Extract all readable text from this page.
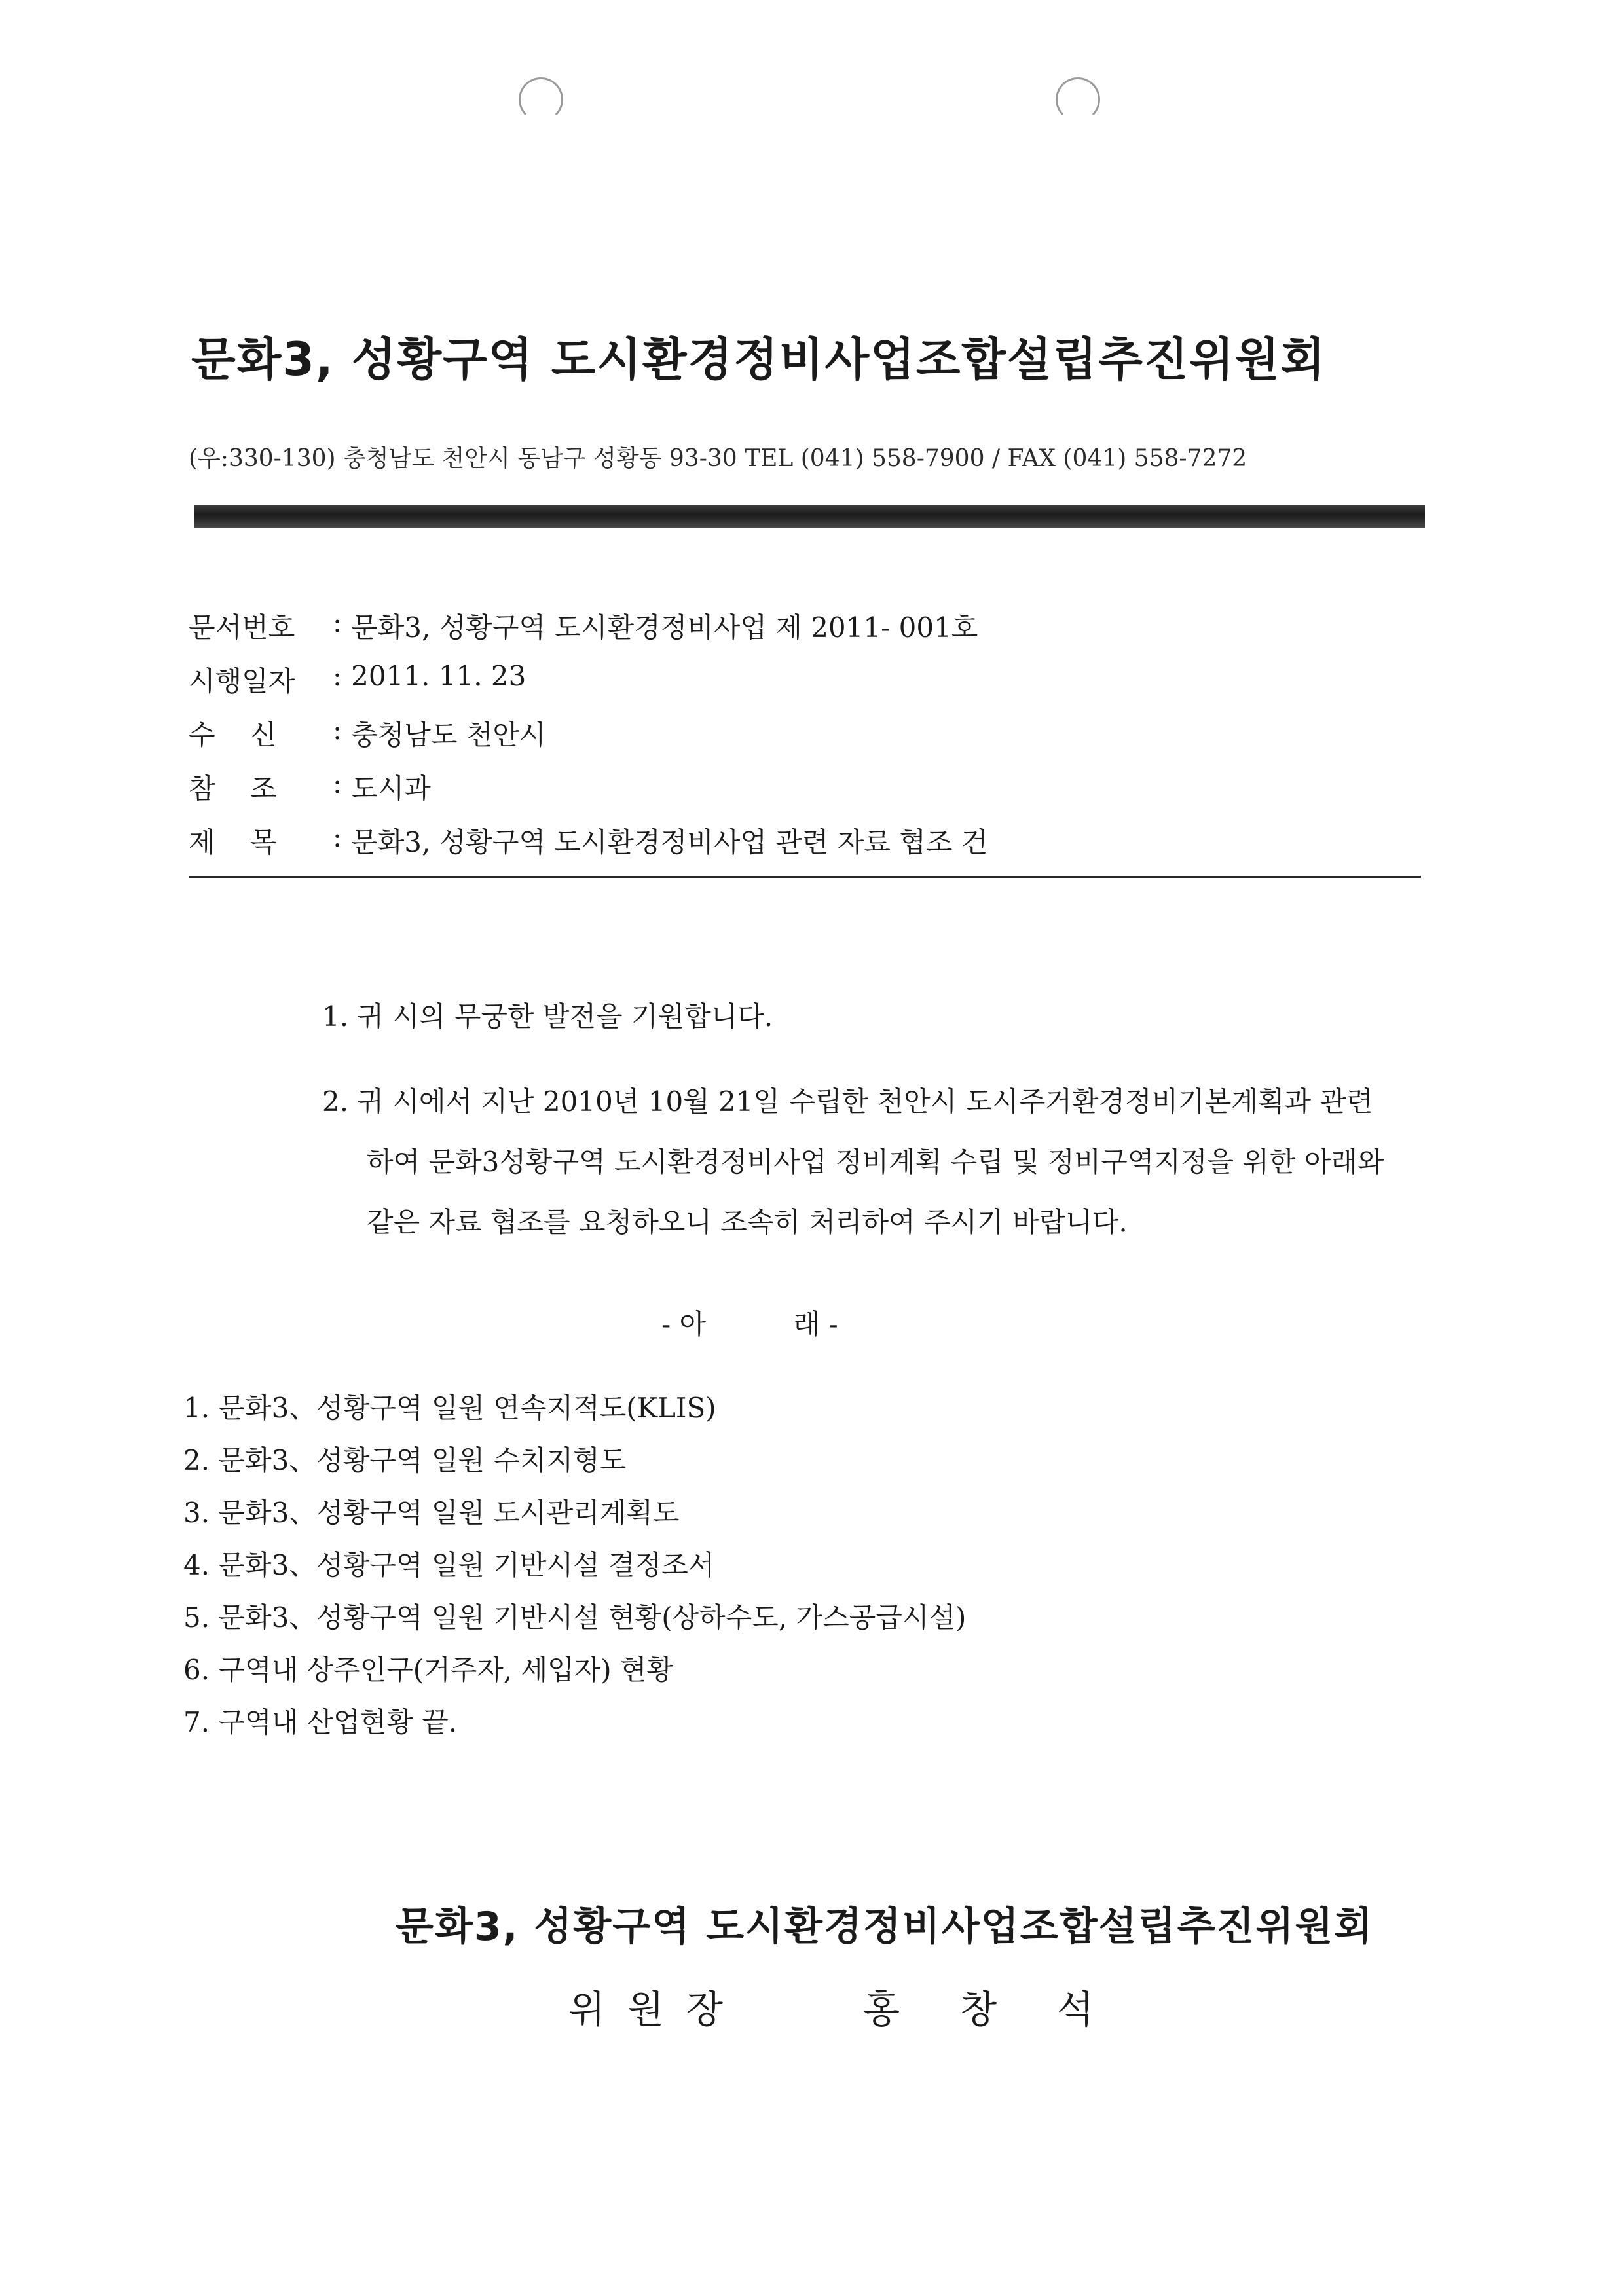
문화3, 성황구역 도시환경정비사업조합설립추진위원회
(우:330-130) 충청남도 천안시 동남구 성황동 93-30 TEL (041) 558-7900 / FAX (041) 558-7272
문서번호	: 문화3, 성황구역 도시환경정비사업 제 2011- 001호
시행일자	: 2011. 11. 23
수    신	: 충청남도 천안시
참    조	: 도시과
제    목	: 문화3, 성황구역 도시환경정비사업 관련 자료 협조 건
1. 귀 시의 무궁한 발전을 기원합니다.
2. 귀 시에서 지난 2010년 10월 21일 수립한 천안시 도시주거환경정비기본계획과 관련
하여 문화3성황구역 도시환경정비사업 정비계획 수립 및 정비구역지정을 위한 아래와
같은 자료 협조를 요청하오니 조속히 처리하여 주시기 바랍니다.
- 아          래 -
1. 문화3、성황구역 일원 연속지적도(KLIS)
2. 문화3、성황구역 일원 수치지형도
3. 문화3、성황구역 일원 도시관리계획도
4. 문화3、성황구역 일원 기반시설 결정조서
5. 문화3、성황구역 일원 기반시설 현황(상하수도, 가스공급시설)
6. 구역내 상주인구(거주자, 세입자) 현황
7. 구역내 산업현황 끝.
문화3, 성황구역 도시환경정비사업조합설립추진위원회
위원장	홍창석
